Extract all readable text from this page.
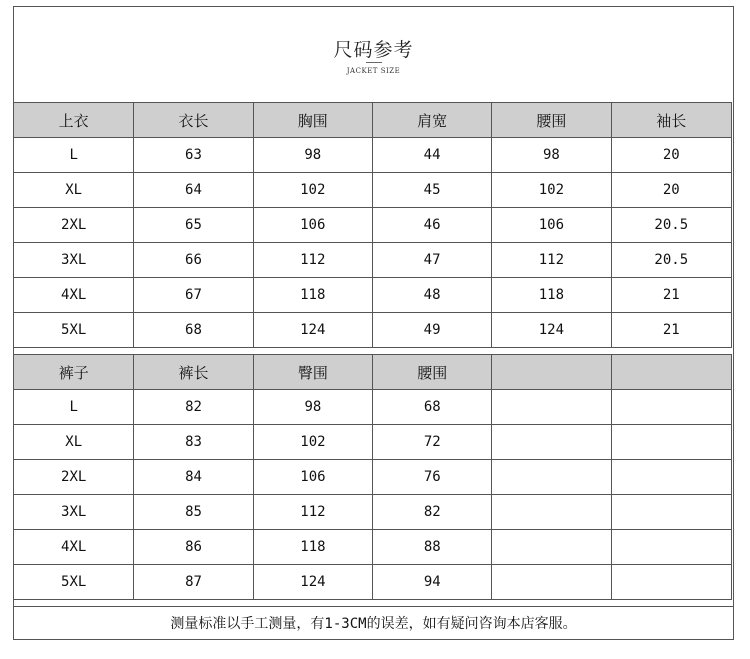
尺码参考
JACKET SIZE
上衣	衣长	胸围	肩宽	腰围	袖长
L	63	98	44	98	20
XL	64	102	45	102	20
2XL	65	106	46	106	20.5
3XL	66	112	47	112	20.5
4XL	67	118	48	118	21
5XL	68	124	49	124	21
裤子	裤长	臀围	腰围		
L	82	98	68		
XL	83	102	72		
2XL	84	106	76		
3XL	85	112	82		
4XL	86	118	88		
5XL	87	124	94		
测量标准以手工测量，有1-3CM的误差，如有疑问咨询本店客服。
